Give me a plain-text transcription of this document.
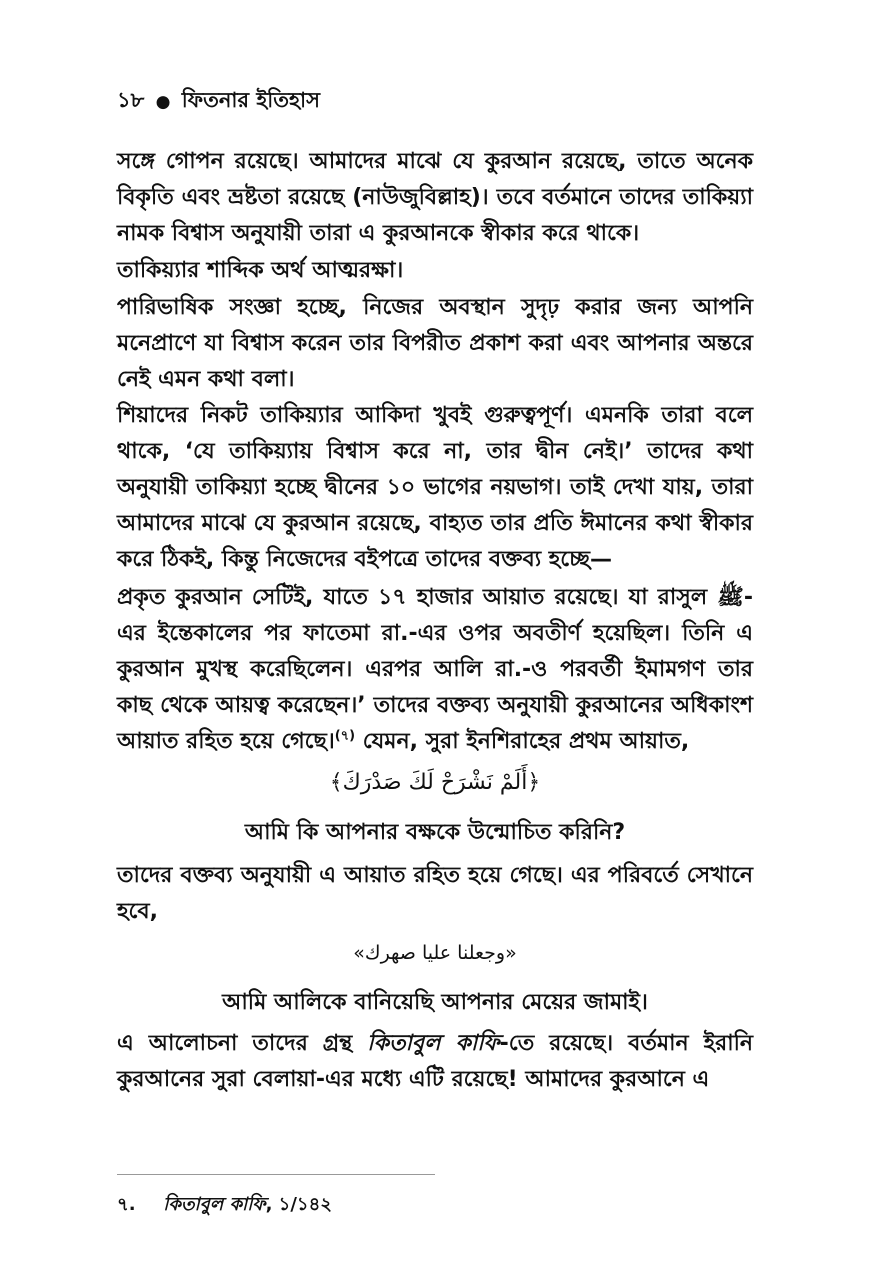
১৮ ● ফিতনার ইতিহাস
সঙ্গে গোপন রয়েছে। আমাদের মাঝে যে কুরআন রয়েছে, তাতে অনেক বিকৃতি এবং ভ্রষ্টতা রয়েছে (নাউজুবিল্লাহ)। তবে বর্তমানে তাদের তাকিয়্যা নামক বিশ্বাস অনুযায়ী তারা এ কুরআনকে স্বীকার করে থাকে।
তাকিয়্যার শাব্দিক অর্থ আত্মরক্ষা।
পারিভাষিক সংজ্ঞা হচ্ছে, নিজের অবস্থান সুদৃঢ় করার জন্য আপনি মনেপ্রাণে যা বিশ্বাস করেন তার বিপরীত প্রকাশ করা এবং আপনার অন্তরে নেই এমন কথা বলা।
শিয়াদের নিকট তাকিয়্যার আকিদা খুবই গুরুত্বপূর্ণ। এমনকি তারা বলে থাকে, ‘যে তাকিয়্যায় বিশ্বাস করে না, তার দ্বীন নেই।’ তাদের কথা অনুযায়ী তাকিয়্যা হচ্ছে দ্বীনের ১০ ভাগের নয়ভাগ। তাই দেখা যায়, তারা আমাদের মাঝে যে কুরআন রয়েছে, বাহ্যত তার প্রতি ঈমানের কথা স্বীকার করে ঠিকই, কিন্তু নিজেদের বইপত্রে তাদের বক্তব্য হচ্ছে—
প্রকৃত কুরআন সেটিই, যাতে ১৭ হাজার আয়াত রয়েছে। যা রাসুল ﷺ-এর ইন্তেকালের পর ফাতেমা রা.-এর ওপর অবতীর্ণ হয়েছিল। তিনি এ কুরআন মুখস্থ করেছিলেন। এরপর আলি রা.-ও পরবর্তী ইমামগণ তার কাছ থেকে আয়ত্ব করেছেন।’ তাদের বক্তব্য অনুযায়ী কুরআনের অধিকাংশ আয়াত রহিত হয়ে গেছে।$^{(৭)}$ যেমন, সুরা ইনশিরাহের প্রথম আয়াত,
﴿أَلَمْ نَشْرَحْ لَكَ صَدْرَكَ﴾
আমি কি আপনার বক্ষকে উন্মোচিত করিনি?
তাদের বক্তব্য অনুযায়ী এ আয়াত রহিত হয়ে গেছে। এর পরিবর্তে সেখানে হবে,
«وجعلنا عليا صهرك»
আমি আলিকে বানিয়েছি আপনার মেয়ের জামাই।
এ আলোচনা তাদের গ্রন্থ কিতাবুল কাফি-তে রয়েছে। বর্তমান ইরানি কুরআনের সুরা বেলায়া-এর মধ্যে এটি রয়েছে! আমাদের কুরআনে এ
৭. কিতাবুল কাফি, ১/১৪২
